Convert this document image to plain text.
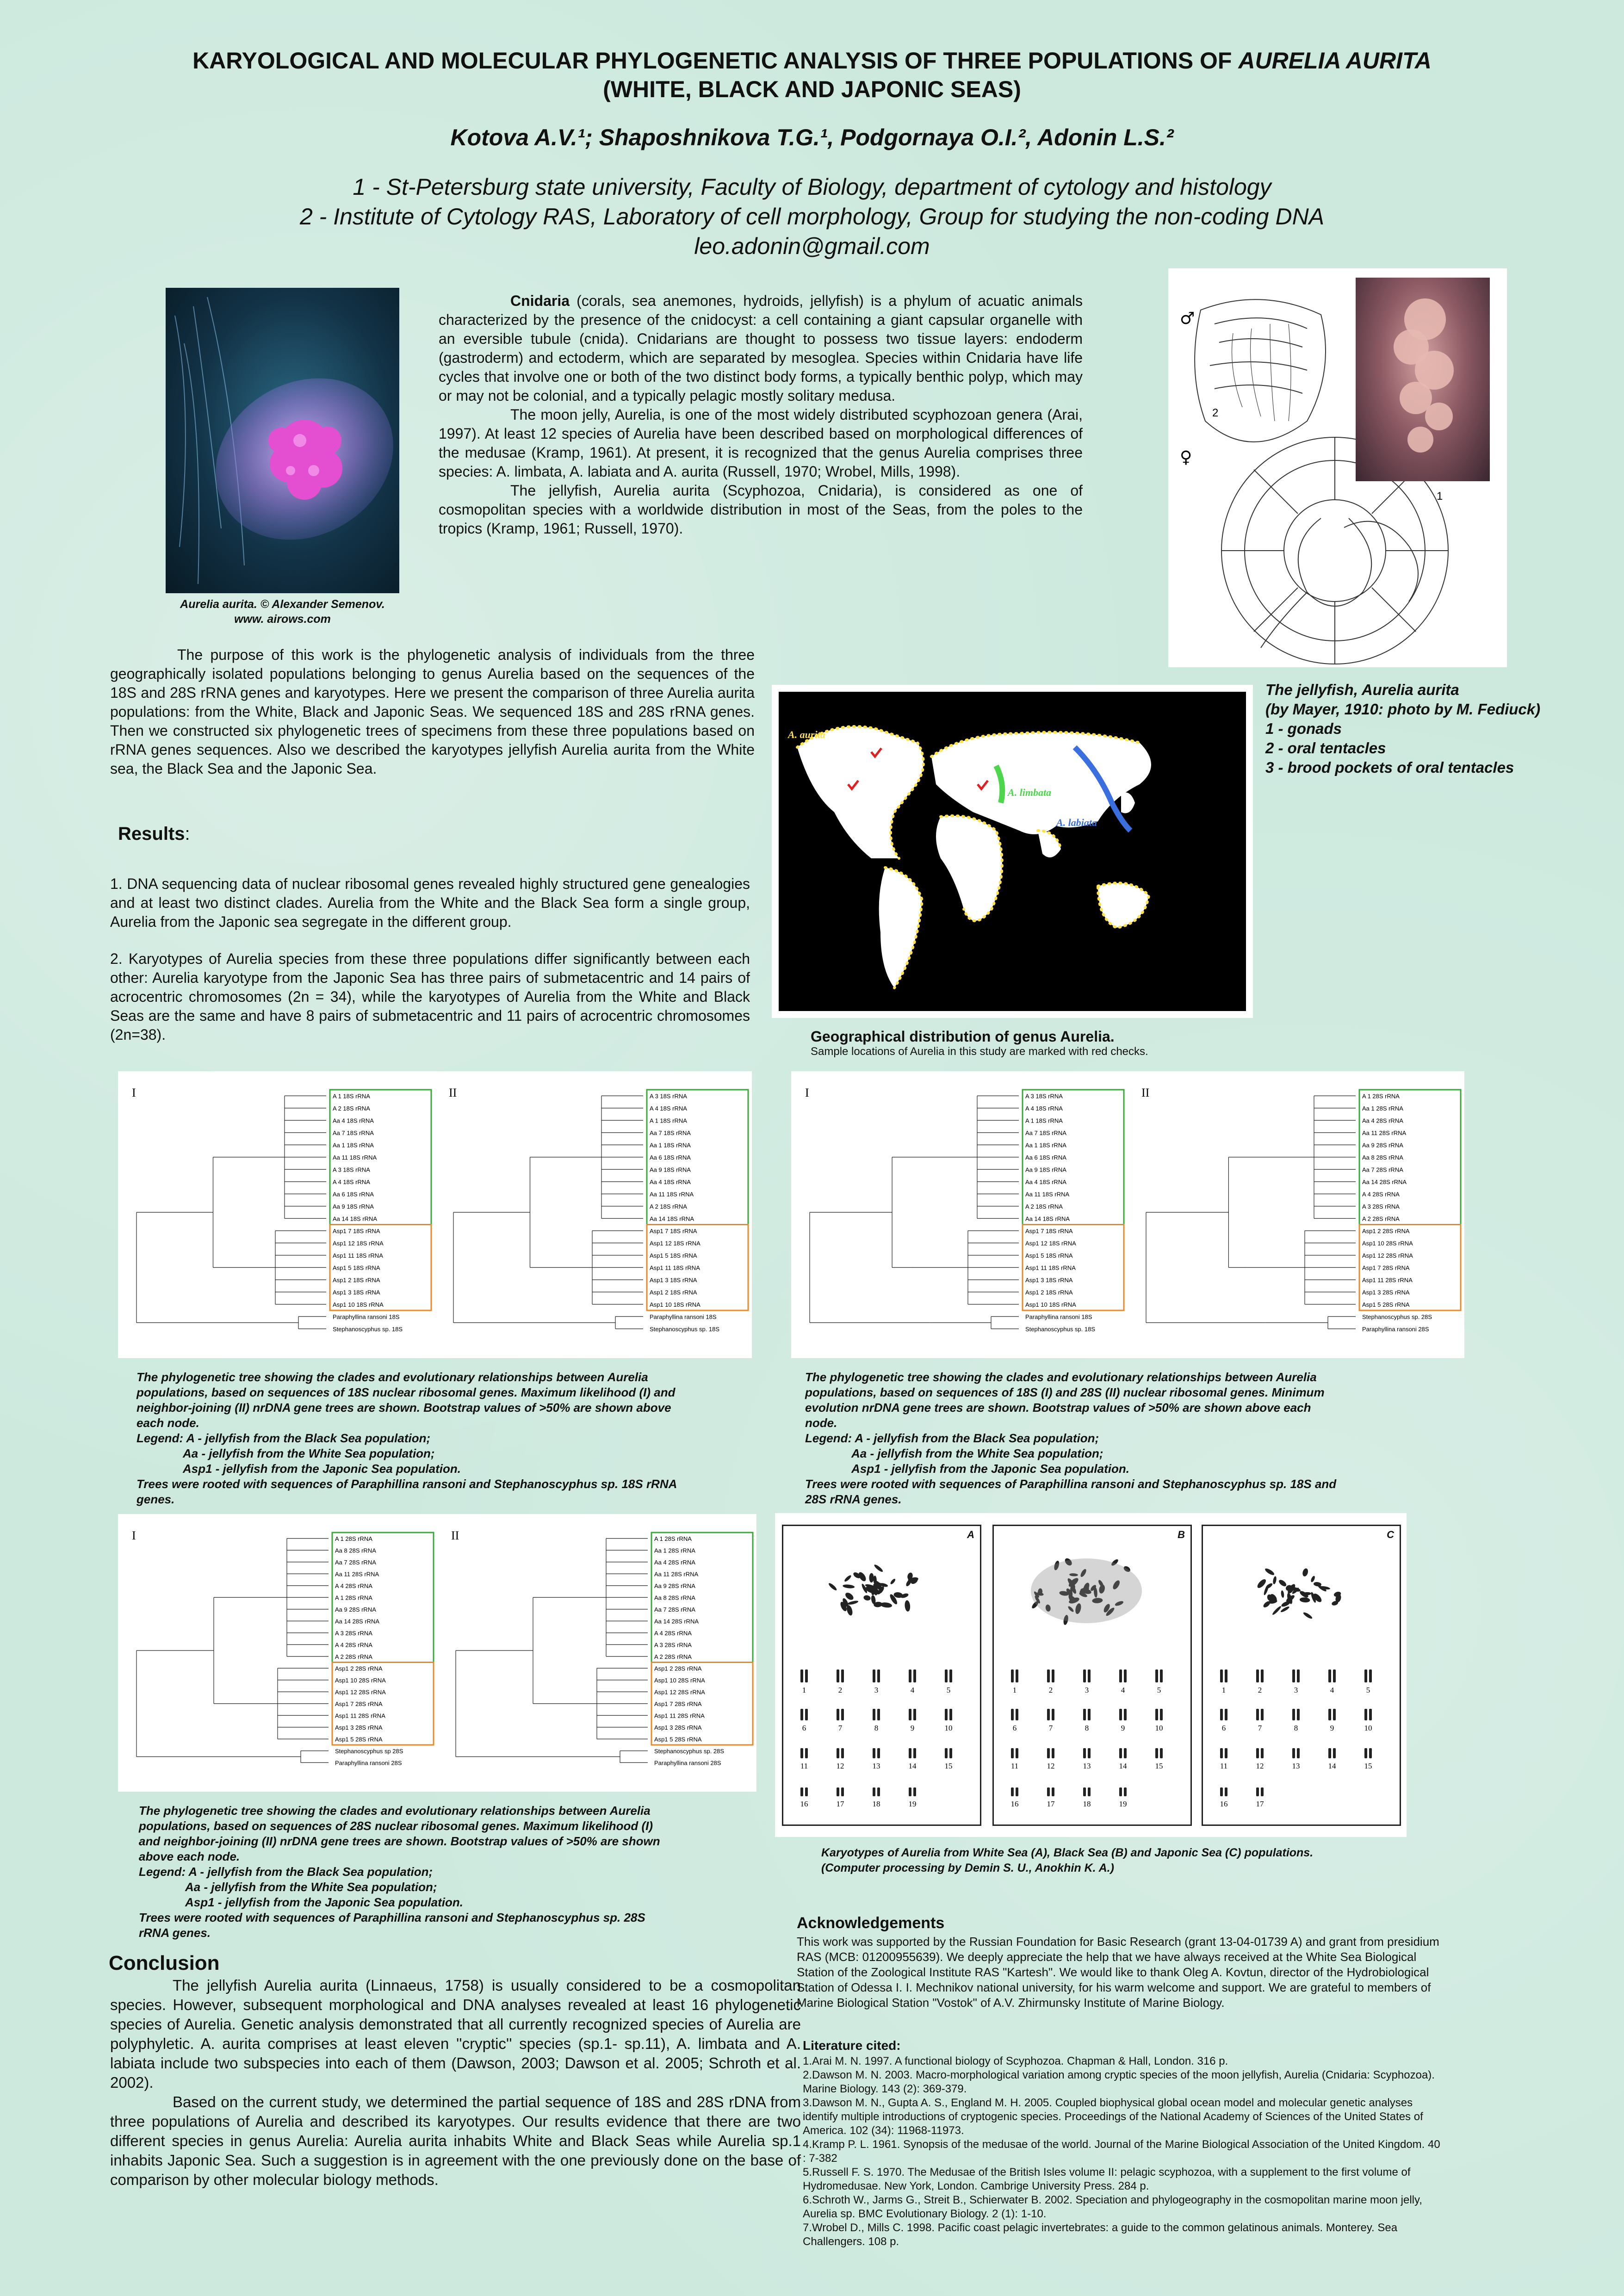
KARYOLOGICAL AND MOLECULAR PHYLOGENETIC ANALYSIS OF THREE POPULATIONS OF AURELIA AURITA
(WHITE, BLACK AND JAPONIC SEAS)
Kotova A.V.¹; Shaposhnikova T.G.¹, Podgornaya O.I.², Adonin L.S.²
1 - St-Petersburg state university, Faculty of Biology, department of cytology and histology
2 - Institute of Cytology RAS, Laboratory of cell morphology, Group for studying the non-coding DNA
leo.adonin@gmail.com
Aurelia aurita. © Alexander Semenov.
www. airows.com

Cnidaria (corals, sea anemones, hydroids, jellyfish) is a phylum of acuatic animals characterized by the presence of the cnidocyst: a cell containing a giant capsular organelle with an eversible tubule (cnida). Cnidarians are thought to possess two tissue layers: endoderm (gastroderm) and ectoderm, which are separated by mesoglea. Species within Cnidaria have life cycles that involve one or both of the two distinct body forms, a typically benthic polyp, which may or may not be colonial, and a typically pelagic mostly solitary medusa.

The moon jelly, Aurelia, is one of the most widely distributed scyphozoan genera (Arai, 1997). At least 12 species of Aurelia have been described based on morphological differences of the medusae (Kramp, 1961). At present, it is recognized that the genus Aurelia comprises three species: A. limbata, A. labiata and A. aurita (Russell, 1970; Wrobel, Mills, 1998).

The jellyfish, Aurelia aurita (Scyphozoa, Cnidaria), is considered as one of cosmopolitan species with a worldwide distribution in most of the Seas, from the poles to the tropics (Kramp, 1961; Russell, 1970).

♂
♀
1
2
The jellyfish, Aurelia aurita
(by Mayer, 1910: photo by M. Fediuck)
1 - gonads
2 - oral tentacles
3 - brood pockets of oral tentacles
The purpose of this work is the phylogenetic analysis of individuals from the three geographically isolated populations belonging to genus Aurelia based on the sequences of the 18S and 28S rRNA genes and karyotypes. Here we present the comparison of three Aurelia aurita populations: from the White, Black and Japonic Seas. We sequenced 18S and 28S rRNA genes. Then we constructed six phylogenetic trees of specimens from these three populations based on rRNA genes sequences. Also we described the karyotypes jellyfish Aurelia aurita from the White sea, the Black Sea and the Japonic Sea.
Results:
1. DNA sequencing data of nuclear ribosomal genes revealed highly structured gene genealogies and at least two distinct clades. Aurelia from the White and the Black Sea form a single group, Aurelia from the Japonic sea segregate in the different group.
2. Karyotypes of Aurelia species from these three populations differ significantly between each other: Aurelia karyotype from the Japonic Sea has three pairs of submetacentric and 14 pairs of acrocentric chromosomes (2n = 34), while the karyotypes of Aurelia from the White and Black Seas are the same and have 8 pairs of submetacentric and 11 pairs of acrocentric chromosomes (2n=38).
A. aurita
A. limbata
A. labiata
Geographical distribution of genus Aurelia.
Sample locations of Aurelia in this study are marked with red checks.
I	A 1 18S rRNA
A 2 18S rRNA
Aa 4 18S rRNA
Aa 7 18S rRNA
Aa 1 18S rRNA
Aa 11 18S rRNA
A 3 18S rRNA
A 4 18S rRNA
Aa 6 18S rRNA
Aa 9 18S rRNA
Aa 14 18S rRNA
Asp1 7 18S rRNA
Asp1 12 18S rRNA
Asp1 11 18S rRNA
Asp1 5 18S rRNA
Asp1 2 18S rRNA
Asp1 3 18S rRNA
Asp1 10 18S rRNA
Paraphyllina ransoni 18S
Stephanoscyphus sp. 18S
II	A 3 18S rRNA
A 4 18S rRNA
A 1 18S rRNA
Aa 7 18S rRNA
Aa 1 18S rRNA
Aa 6 18S rRNA
Aa 9 18S rRNA
Aa 4 18S rRNA
Aa 11 18S rRNA
A 2 18S rRNA
Aa 14 18S rRNA
Asp1 7 18S rRNA
Asp1 12 18S rRNA
Asp1 5 18S rRNA
Asp1 11 18S rRNA
Asp1 3 18S rRNA
Asp1 2 18S rRNA
Asp1 10 18S rRNA
Paraphyllina ransoni 18S
Stephanoscyphus sp. 18S
I	A 3 18S rRNA
A 4 18S rRNA
A 1 18S rRNA
Aa 7 18S rRNA
Aa 1 18S rRNA
Aa 6 18S rRNA
Aa 9 18S rRNA
Aa 4 18S rRNA
Aa 11 18S rRNA
A 2 18S rRNA
Aa 14 18S rRNA
Asp1 7 18S rRNA
Asp1 12 18S rRNA
Asp1 5 18S rRNA
Asp1 11 18S rRNA
Asp1 3 18S rRNA
Asp1 2 18S rRNA
Asp1 10 18S rRNA
Paraphyllina ransoni 18S
Stephanoscyphus sp. 18S
II	A 1 28S rRNA
Aa 1 28S rRNA
Aa 4 28S rRNA
Aa 11 28S rRNA
Aa 9 28S rRNA
Aa 8 28S rRNA
Aa 7 28S rRNA
Aa 14 28S rRNA
A 4 28S rRNA
A 3 28S rRNA
A 2 28S rRNA
Asp1 2 28S rRNA
Asp1 10 28S rRNA
Asp1 12 28S rRNA
Asp1 7 28S rRNA
Asp1 11 28S rRNA
Asp1 3 28S rRNA
Asp1 5 28S rRNA
Stephanoscyphus sp. 28S
Paraphyllina ransoni 28S
I	A 1 28S rRNA
Aa 8 28S rRNA
Aa 7 28S rRNA
Aa 11 28S rRNA
A 4 28S rRNA
A 1 28S rRNA
Aa 9 28S rRNA
Aa 14 28S rRNA
A 3 28S rRNA
A 4 28S rRNA
A 2 28S rRNA
Asp1 2 28S rRNA
Asp1 10 28S rRNA
Asp1 12 28S rRNA
Asp1 7 28S rRNA
Asp1 11 28S rRNA
Asp1 3 28S rRNA
Asp1 5 28S rRNA
Stephanoscyphus sp 28S
Paraphyllina ransoni 28S
II	A 1 28S rRNA
Aa 1 28S rRNA
Aa 4 28S rRNA
Aa 11 28S rRNA
Aa 9 28S rRNA
Aa 8 28S rRNA
Aa 7 28S rRNA
Aa 14 28S rRNA
A 4 28S rRNA
A 3 28S rRNA
A 2 28S rRNA
Asp1 2 28S rRNA
Asp1 10 28S rRNA
Asp1 12 28S rRNA
Asp1 7 28S rRNA
Asp1 11 28S rRNA
Asp1 3 28S rRNA
Asp1 5 28S rRNA
Stephanoscyphus sp. 28S
Paraphyllina ransoni 28S
The phylogenetic tree showing the clades and evolutionary relationships between Aurelia populations, based on sequences of 18S nuclear ribosomal genes. Maximum likelihood (I) and neighbor-joining (II) nrDNA gene trees are shown. Bootstrap values of >50% are shown above each node.
Legend: A - jellyfish from the Black Sea population;
Aa - jellyfish from the White Sea population;
Asp1 - jellyfish from the Japonic Sea population.
Trees were rooted with sequences of Paraphillina ransoni and Stephanoscyphus sp. 18S rRNA genes.
The phylogenetic tree showing the clades and evolutionary relationships between Aurelia populations, based on sequences of 18S (I) and 28S (II) nuclear ribosomal genes. Minimum evolution nrDNA gene trees are shown. Bootstrap values of >50% are shown above each node.
Legend: A - jellyfish from the Black Sea population;
Aa - jellyfish from the White Sea population;
Asp1 - jellyfish from the Japonic Sea population.
Trees were rooted with sequences of Paraphillina ransoni and Stephanoscyphus sp. 18S and 28S rRNA genes.
The phylogenetic tree showing the clades and evolutionary relationships between Aurelia populations, based on sequences of 28S nuclear ribosomal genes. Maximum likelihood (I) and neighbor-joining (II) nrDNA gene trees are shown. Bootstrap values of >50% are shown above each node.
Legend: A - jellyfish from the Black Sea population;
Aa - jellyfish from the White Sea population;
Asp1 - jellyfish from the Japonic Sea population.
Trees were rooted with sequences of Paraphillina ransoni and Stephanoscyphus sp. 28S rRNA genes.
A
1	2	3	4	5
6	7	8	9	10
11	12	13	14	15
16	17	18	19
B
1	2	3	4	5
6	7	8	9	10
11	12	13	14	15
16	17	18	19
C
1	2	3	4	5
6	7	8	9	10
11	12	13	14	15
16	17
Karyotypes of Aurelia from White Sea (A), Black Sea (B) and Japonic Sea (C) populations.
(Computer processing by Demin S. U., Anokhin K. A.)
Conclusion

The jellyfish Aurelia aurita (Linnaeus, 1758) is usually considered to be a cosmopolitan species. However, subsequent morphological and DNA analyses revealed at least 16 phylogenetic species of Aurelia. Genetic analysis demonstrated that all currently recognized species of Aurelia are polyphyletic. A. aurita comprises at least eleven ''cryptic'' species (sp.1- sp.11), A. limbata and A. labiata include two subspecies into each of them (Dawson, 2003; Dawson et al. 2005; Schroth et al. 2002).

Based on the current study, we determined the partial sequence of 18S and 28S rDNA from three populations of Aurelia and described its karyotypes. Our results evidence that there are two different species in genus Aurelia: Aurelia aurita inhabits White and Black Seas while Aurelia sp.1 inhabits Japonic Sea. Such a suggestion is in agreement with the one previously done on the base of comparison by other molecular biology methods.

Acknowledgements
This work was supported by the Russian Foundation for Basic Research (grant 13-04-01739 A) and grant from presidium RAS (MCB: 01200955639). We deeply appreciate the help that we have always received at the White Sea Biological Station of the Zoological Institute RAS "Kartesh". We would like to thank Oleg A. Kovtun, director of the Hydrobiological Station of Odessa I. I. Mechnikov national university, for his warm welcome and support. We are grateful to members of Marine Biological Station "Vostok" of A.V. Zhirmunsky Institute of Marine Biology.
Literature cited:
1.Arai M. N. 1997. A functional biology of Scyphozoa. Chapman & Hall, London. 316 p.
2.Dawson M. N. 2003. Macro-morphological variation among cryptic species of the moon jellyfish, Aurelia (Cnidaria: Scyphozoa). Marine Biology. 143 (2): 369-379.
3.Dawson M. N., Gupta A. S., England M. H. 2005. Coupled biophysical global ocean model and molecular genetic analyses identify multiple introductions of cryptogenic species. Proceedings of the National Academy of Sciences of the United States of America. 102 (34): 11968-11973.
4.Kramp P. L. 1961. Synopsis of the medusae of the world. Journal of the Marine Biological Association of the United Kingdom. 40 : 7-382
5.Russell F. S. 1970. The Medusae of the British Isles volume II: pelagic scyphozoa, with a supplement to the first volume of Hydromedusae. New York, London. Cambrige University Press. 284 p.
6.Schroth W., Jarms G., Streit B., Schierwater B. 2002. Speciation and phylogeography in the cosmopolitan marine moon jelly, Aurelia sp. BMC Evolutionary Biology. 2 (1): 1-10.
7.Wrobel D., Mills C. 1998. Pacific coast pelagic invertebrates: a guide to the common gelatinous animals. Monterey. Sea Challengers. 108 p.
